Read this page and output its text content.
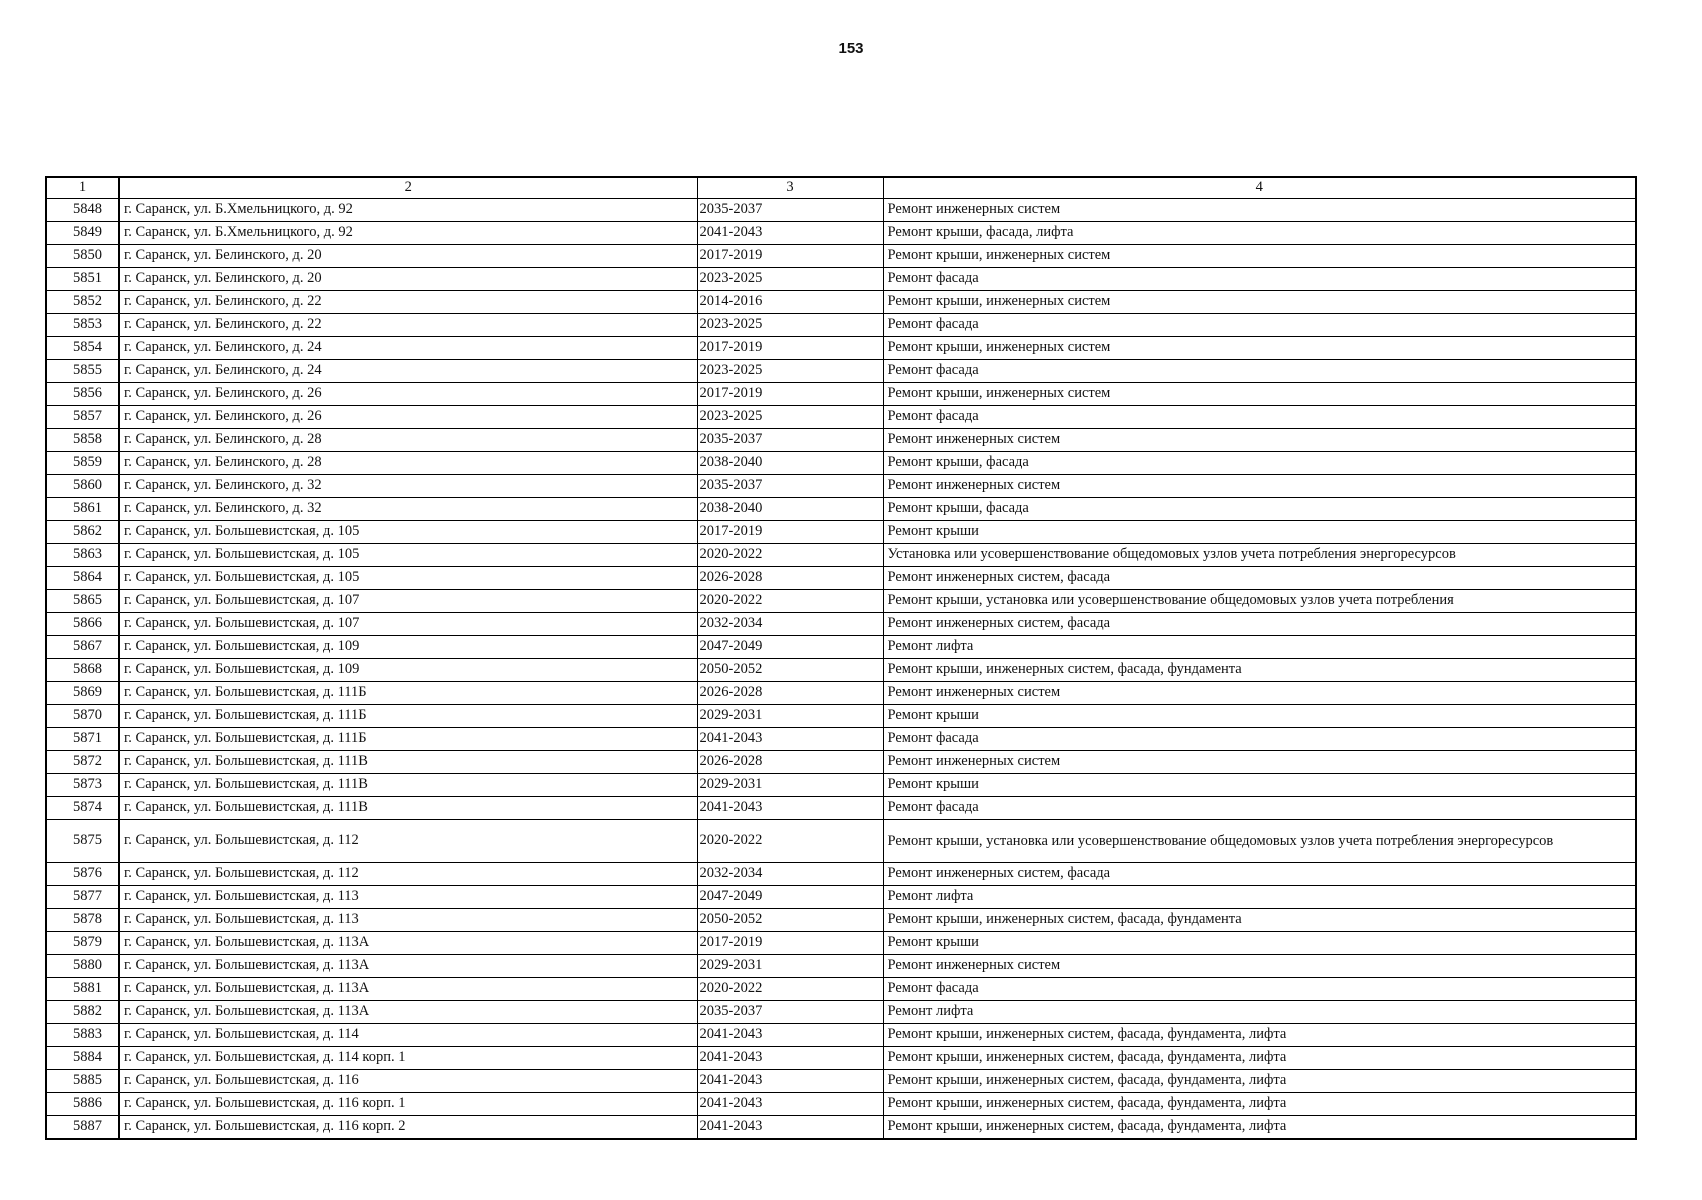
153
1	2	3	4
5848	г. Саранск, ул. Б.Хмельницкого, д. 92	2035-2037	Ремонт инженерных систем
5849	г. Саранск, ул. Б.Хмельницкого, д. 92	2041-2043	Ремонт крыши, фасада, лифта
5850	г. Саранск, ул. Белинского, д. 20	2017-2019	Ремонт крыши, инженерных систем
5851	г. Саранск, ул. Белинского, д. 20	2023-2025	Ремонт фасада
5852	г. Саранск, ул. Белинского, д. 22	2014-2016	Ремонт крыши, инженерных систем
5853	г. Саранск, ул. Белинского, д. 22	2023-2025	Ремонт фасада
5854	г. Саранск, ул. Белинского, д. 24	2017-2019	Ремонт крыши, инженерных систем
5855	г. Саранск, ул. Белинского, д. 24	2023-2025	Ремонт фасада
5856	г. Саранск, ул. Белинского, д. 26	2017-2019	Ремонт крыши, инженерных систем
5857	г. Саранск, ул. Белинского, д. 26	2023-2025	Ремонт фасада
5858	г. Саранск, ул. Белинского, д. 28	2035-2037	Ремонт инженерных систем
5859	г. Саранск, ул. Белинского, д. 28	2038-2040	Ремонт крыши, фасада
5860	г. Саранск, ул. Белинского, д. 32	2035-2037	Ремонт инженерных систем
5861	г. Саранск, ул. Белинского, д. 32	2038-2040	Ремонт крыши, фасада
5862	г. Саранск, ул. Большевистская, д. 105	2017-2019	Ремонт крыши
5863	г. Саранск, ул. Большевистская, д. 105	2020-2022	Установка или усовершенствование общедомовых узлов учета потребления энергоресурсов
5864	г. Саранск, ул. Большевистская, д. 105	2026-2028	Ремонт инженерных систем, фасада
5865	г. Саранск, ул. Большевистская, д. 107	2020-2022	Ремонт крыши, установка или усовершенствование общедомовых узлов учета потребления
5866	г. Саранск, ул. Большевистская, д. 107	2032-2034	Ремонт инженерных систем, фасада
5867	г. Саранск, ул. Большевистская, д. 109	2047-2049	Ремонт лифта
5868	г. Саранск, ул. Большевистская, д. 109	2050-2052	Ремонт крыши, инженерных систем, фасада, фундамента
5869	г. Саранск, ул. Большевистская, д. 111Б	2026-2028	Ремонт инженерных систем
5870	г. Саранск, ул. Большевистская, д. 111Б	2029-2031	Ремонт крыши
5871	г. Саранск, ул. Большевистская, д. 111Б	2041-2043	Ремонт фасада
5872	г. Саранск, ул. Большевистская, д. 111В	2026-2028	Ремонт инженерных систем
5873	г. Саранск, ул. Большевистская, д. 111В	2029-2031	Ремонт крыши
5874	г. Саранск, ул. Большевистская, д. 111В	2041-2043	Ремонт фасада
5875	г. Саранск, ул. Большевистская, д. 112	2020-2022	Ремонт крыши, установка или усовершенствование общедомовых узлов учета потребления энергоресурсов
5876	г. Саранск, ул. Большевистская, д. 112	2032-2034	Ремонт инженерных систем, фасада
5877	г. Саранск, ул. Большевистская, д. 113	2047-2049	Ремонт лифта
5878	г. Саранск, ул. Большевистская, д. 113	2050-2052	Ремонт крыши, инженерных систем, фасада, фундамента
5879	г. Саранск, ул. Большевистская, д. 113А	2017-2019	Ремонт крыши
5880	г. Саранск, ул. Большевистская, д. 113А	2029-2031	Ремонт инженерных систем
5881	г. Саранск, ул. Большевистская, д. 113А	2020-2022	Ремонт фасада
5882	г. Саранск, ул. Большевистская, д. 113А	2035-2037	Ремонт лифта
5883	г. Саранск, ул. Большевистская, д. 114	2041-2043	Ремонт крыши, инженерных систем, фасада, фундамента, лифта
5884	г. Саранск, ул. Большевистская, д. 114 корп. 1	2041-2043	Ремонт крыши, инженерных систем, фасада, фундамента, лифта
5885	г. Саранск, ул. Большевистская, д. 116	2041-2043	Ремонт крыши, инженерных систем, фасада, фундамента, лифта
5886	г. Саранск, ул. Большевистская, д. 116 корп. 1	2041-2043	Ремонт крыши, инженерных систем, фасада, фундамента, лифта
5887	г. Саранск, ул. Большевистская, д. 116 корп. 2	2041-2043	Ремонт крыши, инженерных систем, фасада, фундамента, лифта
